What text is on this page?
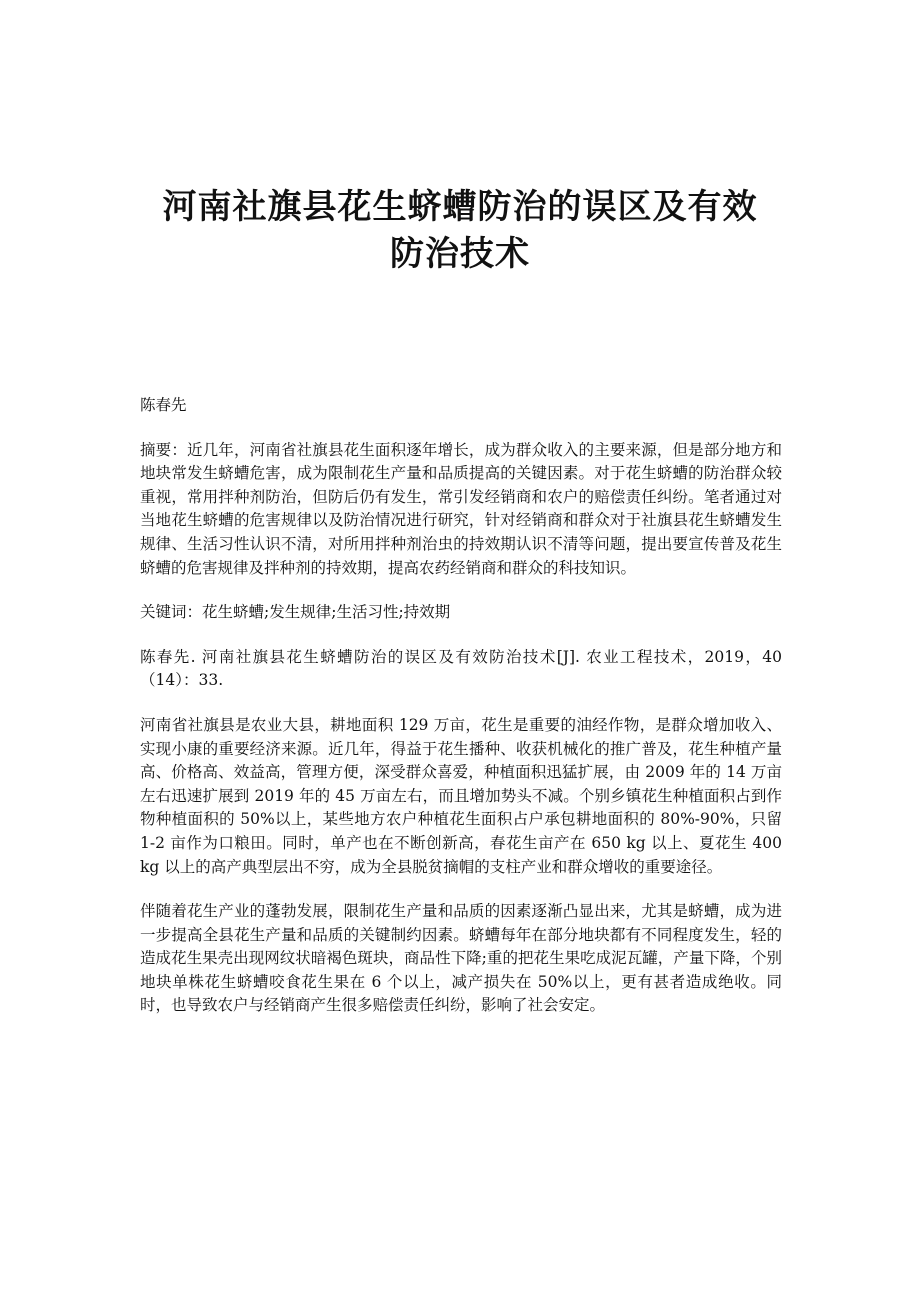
河南社旗县花生蛴螬防治的误区及有效
防治技术

陈春先

摘要：近几年，河南省社旗县花生面积逐年增长，成为群众收入的主要来源，但是部分地方和地块常发生蛴螬危害，成为限制花生产量和品质提高的关键因素。对于花生蛴螬的防治群众较重视，常用拌种剂防治，但防后仍有发生，常引发经销商和农户的赔偿责任纠纷。笔者通过对当地花生蛴螬的危害规律以及防治情况进行研究，针对经销商和群众对于社旗县花生蛴螬发生规律、生活习性认识不清，对所用拌种剂治虫的持效期认识不清等问题，提出要宣传普及花生蛴螬的危害规律及拌种剂的持效期，提高农药经销商和群众的科技知识。

关键词：花生蛴螬;发生规律;生活习性;持效期

陈春先. 河南社旗县花生蛴螬防治的误区及有效防治技术[J]. 农业工程技术，2019，40（14）：33.

河南省社旗县是农业大县，耕地面积 129 万亩，花生是重要的油经作物，是群众增加收入、实现小康的重要经济来源。近几年，得益于花生播种、收获机械化的推广普及，花生种植产量高、价格高、效益高，管理方便，深受群众喜爱，种植面积迅猛扩展，由 2009 年的 14 万亩左右迅速扩展到 2019 年的 45 万亩左右，而且增加势头不减。个别乡镇花生种植面积占到作物种植面积的 50%以上，某些地方农户种植花生面积占户承包耕地面积的 80%-90%，只留 1-2 亩作为口粮田。同时，单产也在不断创新高，春花生亩产在 650 kg 以上、夏花生 400 kg 以上的高产典型层出不穷，成为全县脱贫摘帽的支柱产业和群众增收的重要途径。

伴随着花生产业的蓬勃发展，限制花生产量和品质的因素逐渐凸显出来，尤其是蛴螬，成为进一步提高全县花生产量和品质的关键制约因素。蛴螬每年在部分地块都有不同程度发生，轻的造成花生果壳出现网纹状暗褐色斑块，商品性下降;重的把花生果吃成泥瓦罐，产量下降，个别地块单株花生蛴螬咬食花生果在 6 个以上，减产损失在 50%以上，更有甚者造成绝收。同时，也导致农户与经销商产生很多赔偿责任纠纷，影响了社会安定。
